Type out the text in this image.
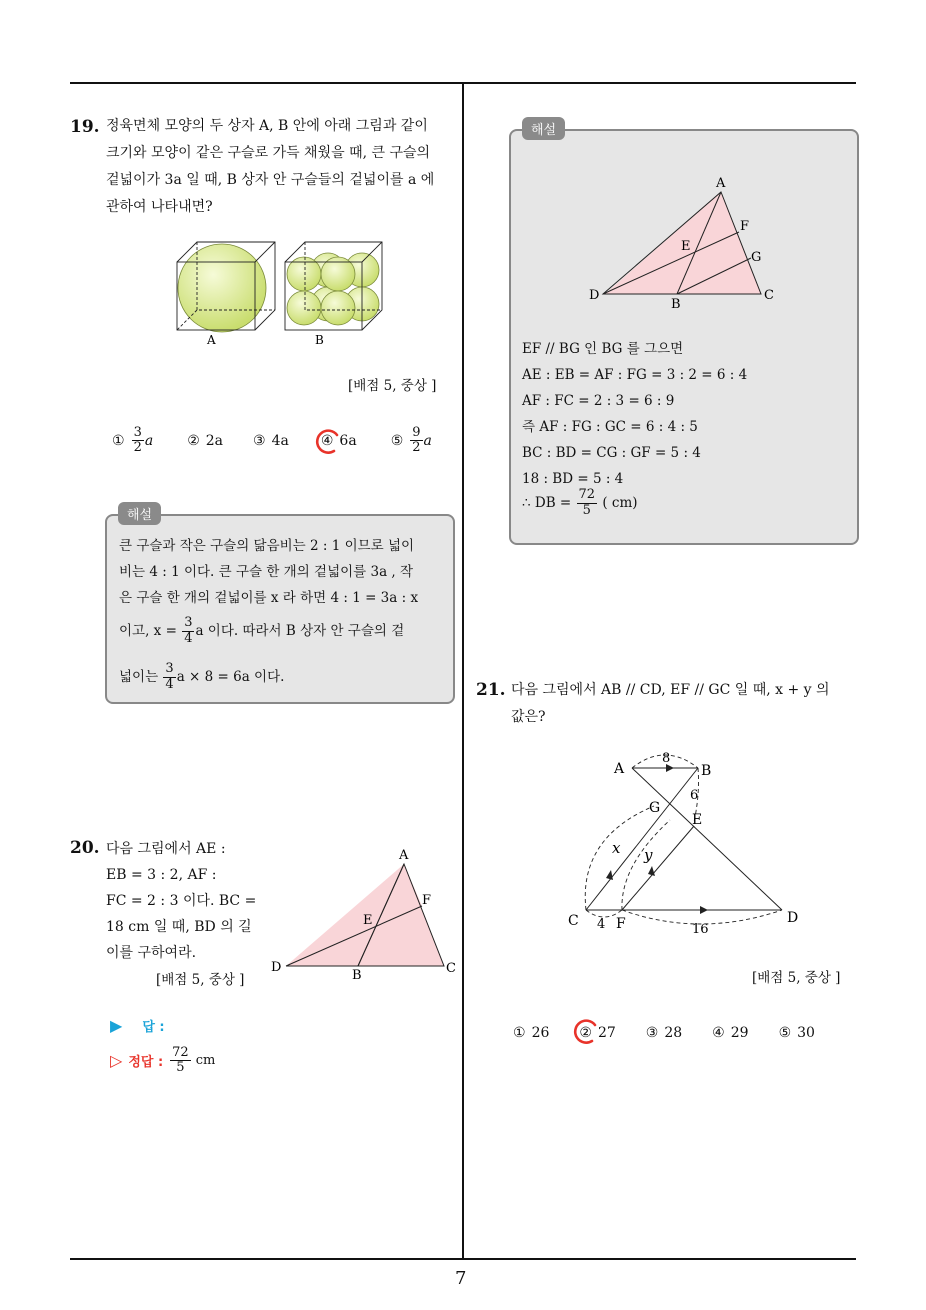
7
19. 정육면체 모양의 두 상자 A, B 안에 아래 그림과 같이
크기와 모양이 같은 구슬로 가득 채웠을 때, 큰 구슬의
겉넓이가 3a 일 때, B 상자 안 구슬들의 겉넓이를 a 에
관하여 나타내면?
A	B
[배점 5, 중상 ]
① $\frac{3}{2}$ a ② 2a ③ 4a ④ 6a ⑤ $\frac{9}{2}$ a
해설
큰 구슬과 작은 구슬의 닮음비는 2 : 1 이므로 넓이
비는 4 : 1 이다. 큰 구슬 한 개의 겉넓이를 3a , 작
은 구슬 한 개의 겉넓이를 x 라 하면 4 : 1 = 3a : x
이고, x =
$\frac{3}{4}$ a 이다. 따라서 B 상자 안 구슬의 겉
넓이는
$\frac{3}{4}$ a × 8 = 6a 이다.
20. 다음 그림에서 AE :
EB = 3 : 2, AF :
FC = 2 : 3 이다. BC =
18 cm 일 때, BD 의 길
이를 구하여라.
[배점 5, 중상 ]
A
E
F
D
B	C
▶ 답 :
▷ 정답 : $\frac{72}{5}$ cm
해설
A
F
E
G
D
B
C
EF // BG 인 BG 를 그으면
AE : EB = AF : FG = 3 : 2 = 6 : 4
AF : FC = 2 : 3 = 6 : 9
즉 AF : FG : GC = 6 : 4 : 5
BC : BD = CG : GF = 5 : 4
18 : BD = 5 : 4
∴ DB =
$\frac{72}{5}$
( cm)
21. 다음 그림에서 AB // CD, EF // GC 일 때, x + y 의
값은?
A	B
G
E
C	F	D
8
6
x y
4	16
[배점 5, 중상 ]
① 26 ② 27 ③ 28 ④ 29 ⑤ 30
